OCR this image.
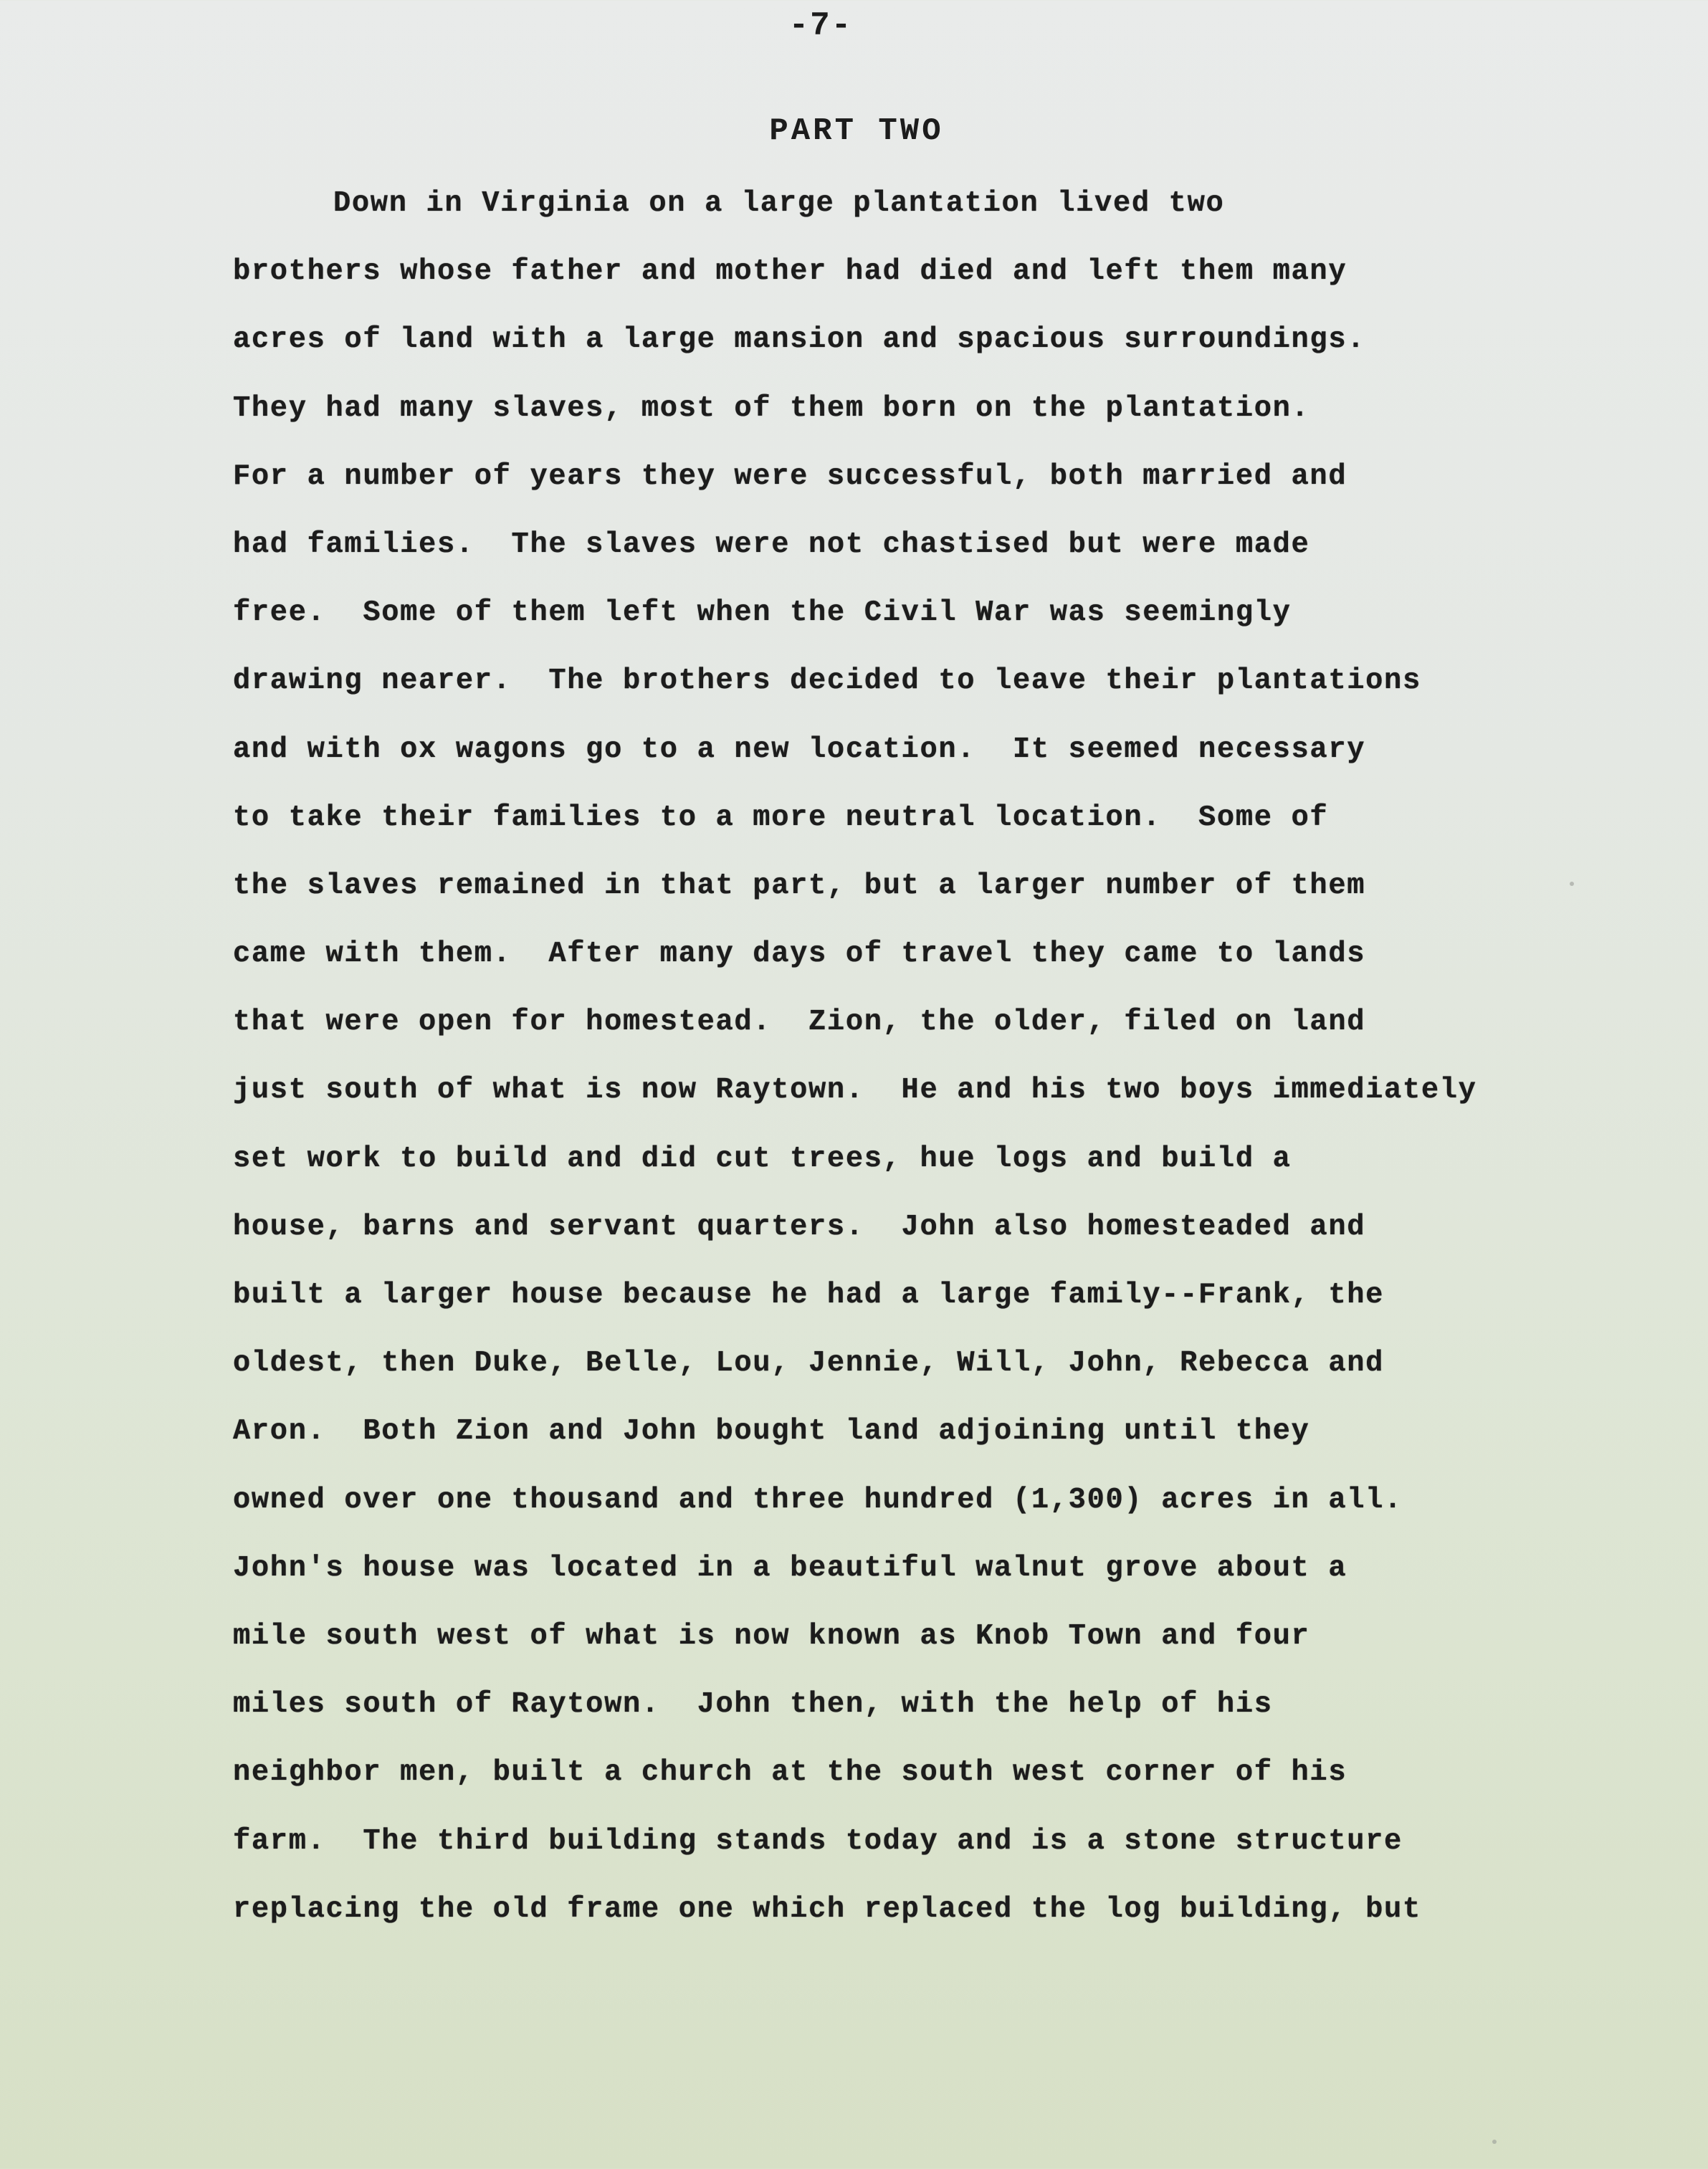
-7-
PART TWO
Down in Virginia on a large plantation lived two
brothers whose father and mother had died and left them many
acres of land with a large mansion and spacious surroundings.
They had many slaves, most of them born on the plantation.
For a number of years they were successful, both married and
had families.  The slaves were not chastised but were made
free.  Some of them left when the Civil War was seemingly
drawing nearer.  The brothers decided to leave their plantations
and with ox wagons go to a new location.  It seemed necessary
to take their families to a more neutral location.  Some of
the slaves remained in that part, but a larger number of them
came with them.  After many days of travel they came to lands
that were open for homestead.  Zion, the older, filed on land
just south of what is now Raytown.  He and his two boys immediately
set work to build and did cut trees, hue logs and build a
house, barns and servant quarters.  John also homesteaded and
built a larger house because he had a large family--Frank, the
oldest, then Duke, Belle, Lou, Jennie, Will, John, Rebecca and
Aron.  Both Zion and John bought land adjoining until they
owned over one thousand and three hundred (1,300) acres in all.
John's house was located in a beautiful walnut grove about a
mile south west of what is now known as Knob Town and four
miles south of Raytown.  John then, with the help of his
neighbor men, built a church at the south west corner of his
farm.  The third building stands today and is a stone structure
replacing the old frame one which replaced the log building, but
